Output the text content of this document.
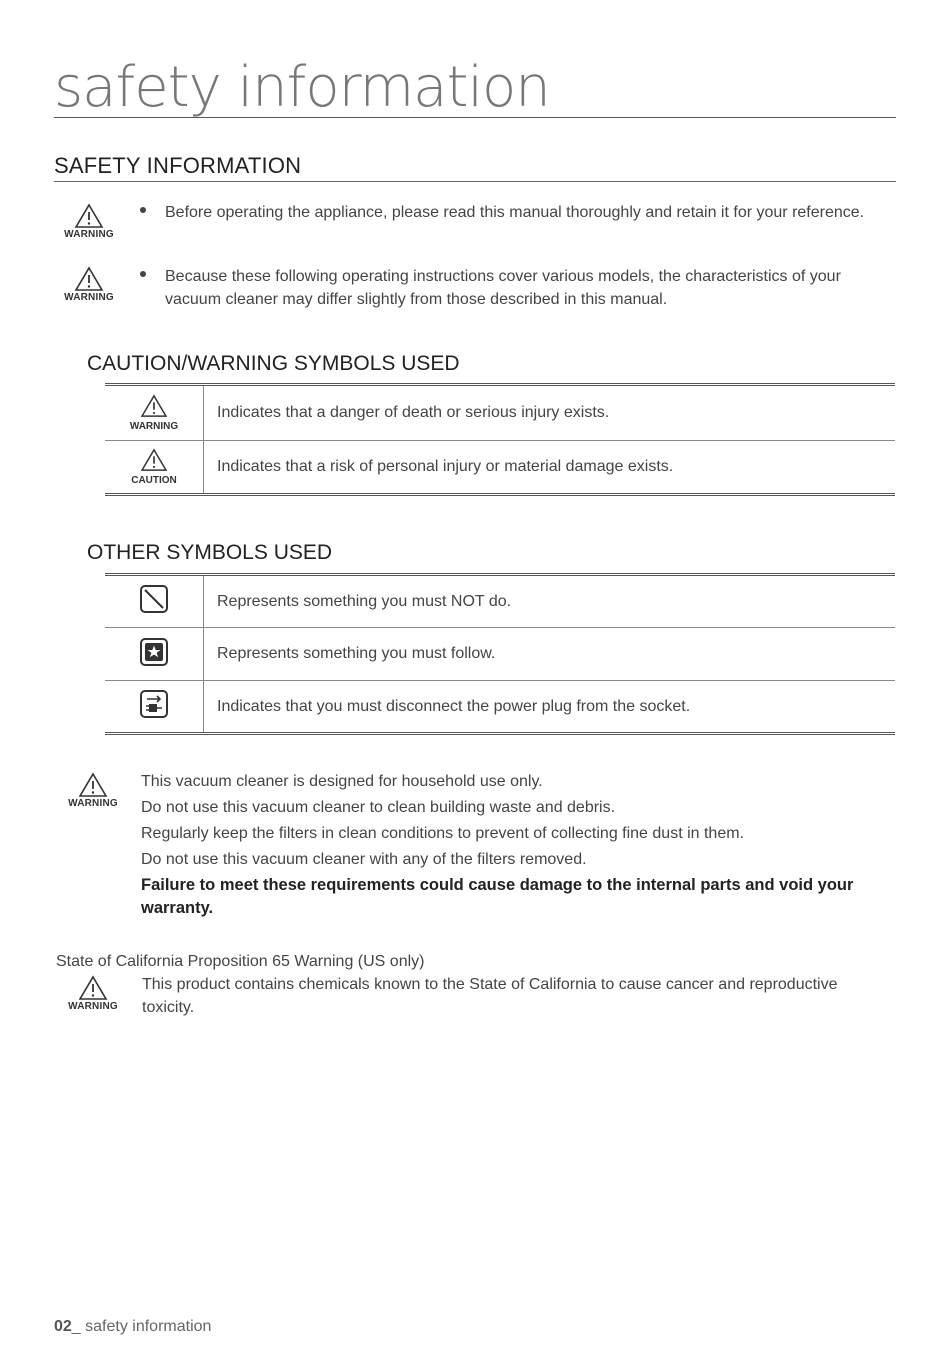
safety information
SAFETY INFORMATION
WARNING
Before operating the appliance, please read this manual thoroughly and retain it for your reference.
WARNING
Because these following operating instructions cover various models, the characteristics of your vacuum cleaner may differ slightly from those described in this manual.
CAUTION/WARNING SYMBOLS USED
WARNING	Indicates that a danger of death or serious injury exists.

CAUTION	Indicates that a risk of personal injury or material damage exists.
OTHER SYMBOLS USED
	Represents something you must NOT do.
	Represents something you must follow.
	Indicates that you must disconnect the power plug from the socket.
WARNING

This vacuum cleaner is designed for household use only.

Do not use this vacuum cleaner to clean building waste and debris.

Regularly keep the filters in clean conditions to prevent of collecting fine dust in them.

Do not use this vacuum cleaner with any of the filters removed.

Failure to meet these requirements could cause damage to the internal parts and void your warranty.

State of California Proposition 65 Warning (US only)
WARNING
This product contains chemicals known to the State of California to cause cancer and reproductive toxicity.
02_ safety information
